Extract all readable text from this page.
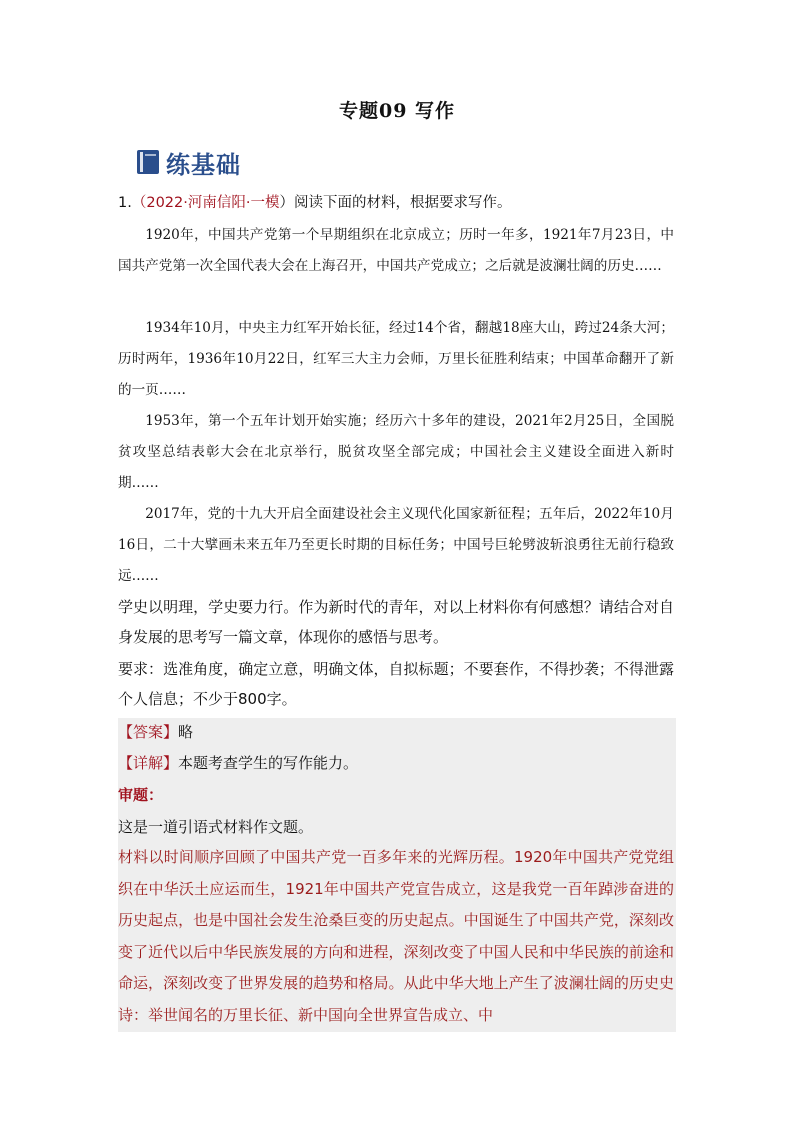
专题09 写作
练基础
1.（2022·河南信阳·一模）阅读下面的材料，根据要求写作。
1920年，中国共产党第一个早期组织在北京成立；历时一年多，1921年7月23日，中国共产党第一次全国代表大会在上海召开，中国共产党成立；之后就是波澜壮阔的历史……
1934年10月，中央主力红军开始长征，经过14个省，翻越18座大山，跨过24条大河；历时两年，1936年10月22日，红军三大主力会师，万里长征胜利结束；中国革命翻开了新的一页……
1953年，第一个五年计划开始实施；经历六十多年的建设，2021年2月25日，全国脱贫攻坚总结表彰大会在北京举行，脱贫攻坚全部完成；中国社会主义建设全面进入新时期……
2017年，党的十九大开启全面建设社会主义现代化国家新征程；五年后，2022年10月16日，二十大擘画未来五年乃至更长时期的目标任务；中国号巨轮劈波斩浪勇往无前行稳致远……
学史以明理，学史要力行。作为新时代的青年，对以上材料你有何感想？请结合对自身发展的思考写一篇文章，体现你的感悟与思考。
要求：选准角度，确定立意，明确文体，自拟标题；不要套作，不得抄袭；不得泄露个人信息；不少于800字。
【答案】略
【详解】本题考查学生的写作能力。
审题：
这是一道引语式材料作文题。
材料以时间顺序回顾了中国共产党一百多年来的光辉历程。1920年中国共产党党组织在中华沃土应运而生，1921年中国共产党宣告成立，这是我党一百年踔涉奋进的历史起点，也是中国社会发生沧桑巨变的历史起点。中国诞生了中国共产党，深刻改变了近代以后中华民族发展的方向和进程，深刻改变了中国人民和中华民族的前途和命运，深刻改变了世界发展的趋势和格局。从此中华大地上产生了波澜壮阔的历史史诗：举世闻名的万里长征、新中国向全世界宣告成立、中
